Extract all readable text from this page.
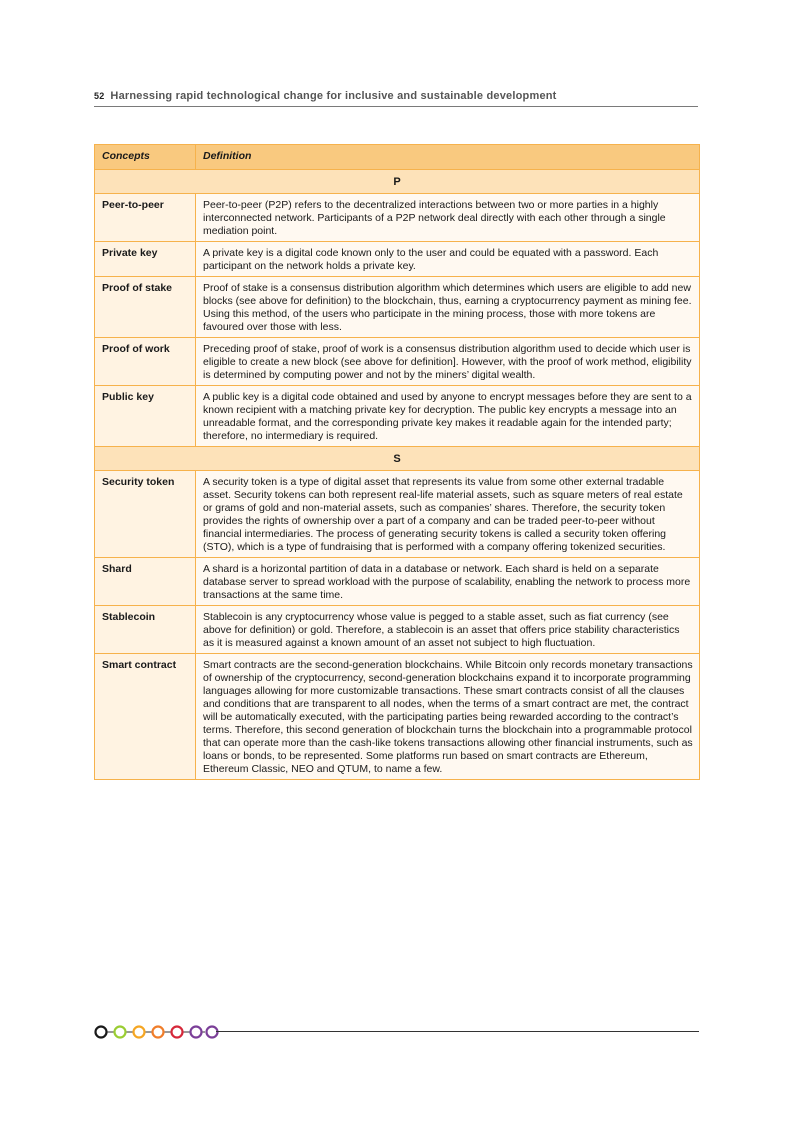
52 Harnessing rapid technological change for inclusive and sustainable development
Concepts	Definition
P	
Peer-to-peer	Peer-to-peer (P2P) refers to the decentralized interactions between two or more parties in a highly interconnected network. Participants of a P2P network deal directly with each other through a single mediation point.
Private key	A private key is a digital code known only to the user and could be equated with a password. Each participant on the network holds a private key.
Proof of stake	Proof of stake is a consensus distribution algorithm which determines which users are eligible to add new blocks (see above for definition) to the blockchain, thus, earning a cryptocurrency payment as mining fee. Using this method, of the users who participate in the mining process, those with more tokens are favoured over those with less.
Proof of work	Preceding proof of stake, proof of work is a consensus distribution algorithm used to decide which user is eligible to create a new block (see above for definition]. However, with the proof of work method, eligibility is determined by computing power and not by the miners’ digital wealth.
Public key	A public key is a digital code obtained and used by anyone to encrypt messages before they are sent to a known recipient with a matching private key for decryption. The public key encrypts a message into an unreadable format, and the corresponding private key makes it readable again for the intended party; therefore, no intermediary is required.
S	
Security token	A security token is a type of digital asset that represents its value from some other external tradable asset. Security tokens can both represent real-life material assets, such as square meters of real estate or grams of gold and non-material assets, such as companies’ shares. Therefore, the security token provides the rights of ownership over a part of a company and can be traded peer-to-peer without financial intermediaries. The process of generating security tokens is called a security token offering (STO), which is a type of fundraising that is performed with a company offering tokenized securities.
Shard	A shard is a horizontal partition of data in a database or network. Each shard is held on a separate database server to spread workload with the purpose of scalability, enabling the network to process more transactions at the same time.
Stablecoin	Stablecoin is any cryptocurrency whose value is pegged to a stable asset, such as fiat currency (see above for definition) or gold. Therefore, a stablecoin is an asset that offers price stability characteristics as it is measured against a known amount of an asset not subject to high fluctuation.
Smart contract	Smart contracts are the second-generation blockchains. While Bitcoin only records monetary transactions of ownership of the cryptocurrency, second-generation blockchains expand it to incorporate programming languages allowing for more customizable transactions. These smart contracts consist of all the clauses and conditions that are transparent to all nodes, when the terms of a smart contract are met, the contract will be automatically executed, with the participating parties being rewarded according to the contract’s terms. Therefore, this second generation of blockchain turns the blockchain into a programmable protocol that can operate more than the cash-like tokens transactions allowing other financial instruments, such as loans or bonds, to be represented. Some platforms run based on smart contracts are Ethereum, Ethereum Classic, NEO and QTUM, to name a few.
